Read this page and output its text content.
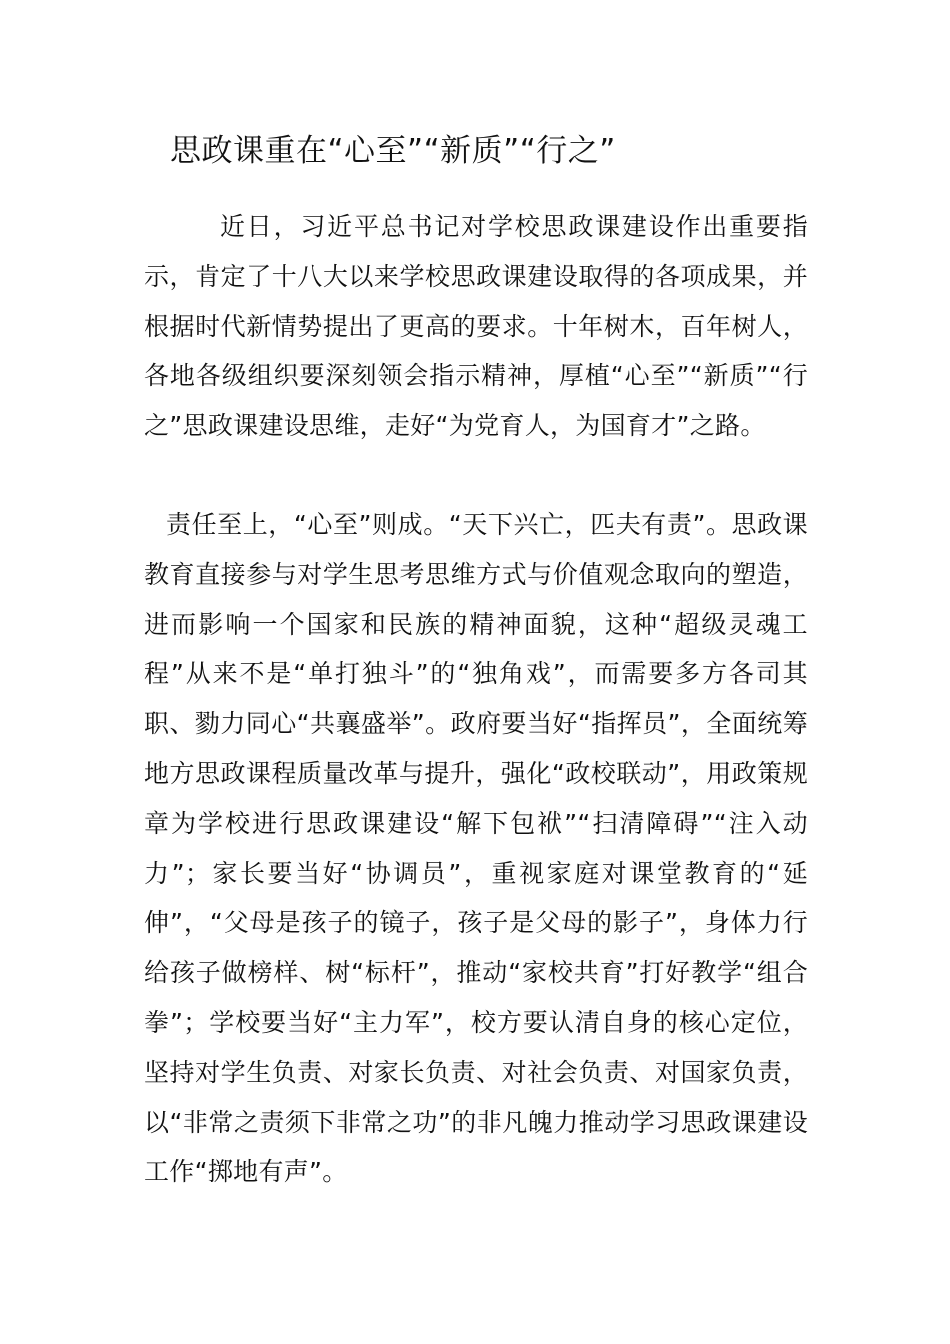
思政课重在“心至”“新质”“行之”

近日，习近平总书记对学校思政课建设作出重要指示，肯定了十八大以来学校思政课建设取得的各项成果，并根据时代新情势提出了更高的要求。十年树木，百年树人，各地各级组织要深刻领会指示精神，厚植“心至”“新质”“行之”思政课建设思维，走好“为党育人，为国育才”之路。

责任至上，“心至”则成。“天下兴亡，匹夫有责”。思政课教育直接参与对学生思考思维方式与价值观念取向的塑造，进而影响一个国家和民族的精神面貌，这种“超级灵魂工程”从来不是“单打独斗”的“独角戏”，而需要多方各司其职、勠力同心“共襄盛举”。政府要当好“指挥员”，全面统筹地方思政课程质量改革与提升，强化“政校联动”，用政策规章为学校进行思政课建设“解下包袱”“扫清障碍”“注入动力”；家长要当好“协调员”，重视家庭对课堂教育的“延伸”，“父母是孩子的镜子，孩子是父母的影子”，身体力行给孩子做榜样、树“标杆”，推动“家校共育”打好教学“组合拳”；学校要当好“主力军”，校方要认清自身的核心定位，坚持对学生负责、对家长负责、对社会负责、对国家负责，以“非常之责须下非常之功”的非凡魄力推动学习思政课建设工作“掷地有声”。
